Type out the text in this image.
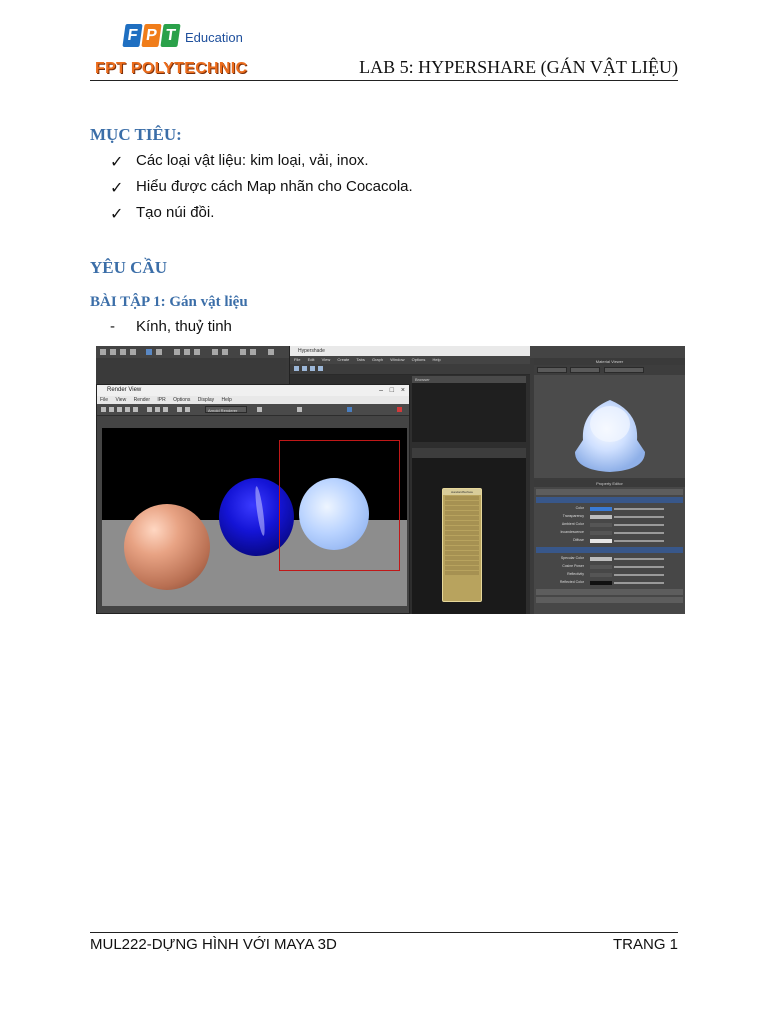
F P T Education
FPT POLYTECHNIC	LAB 5: HYPERSHARE (GÁN VẬT LIỆU)
MỤC TIÊU:
✓ Các loại vật liệu: kim loại, vải, inox.
✓ Hiểu được cách Map nhãn cho Cocacola.
✓ Tạo núi đồi.
YÊU CẦU
BÀI TẬP 1: Gán vật liệu
-	Kính, thuỷ tinh
Hypershade
File Edit View Create Tabs Graph Window Options Help
Browser
standardSurface
Material Viewer
Property Editor
Color
Transparency
Ambient Color
Incandescence
Diffuse
Specular Color
Cosine Power
Reflectivity
Reflected Color
Render View	– □ ×
File View Render IPR Options Display Help
Arnold Renderer
MUL222-DỰNG HÌNH VỚI MAYA 3D	TRANG 1
